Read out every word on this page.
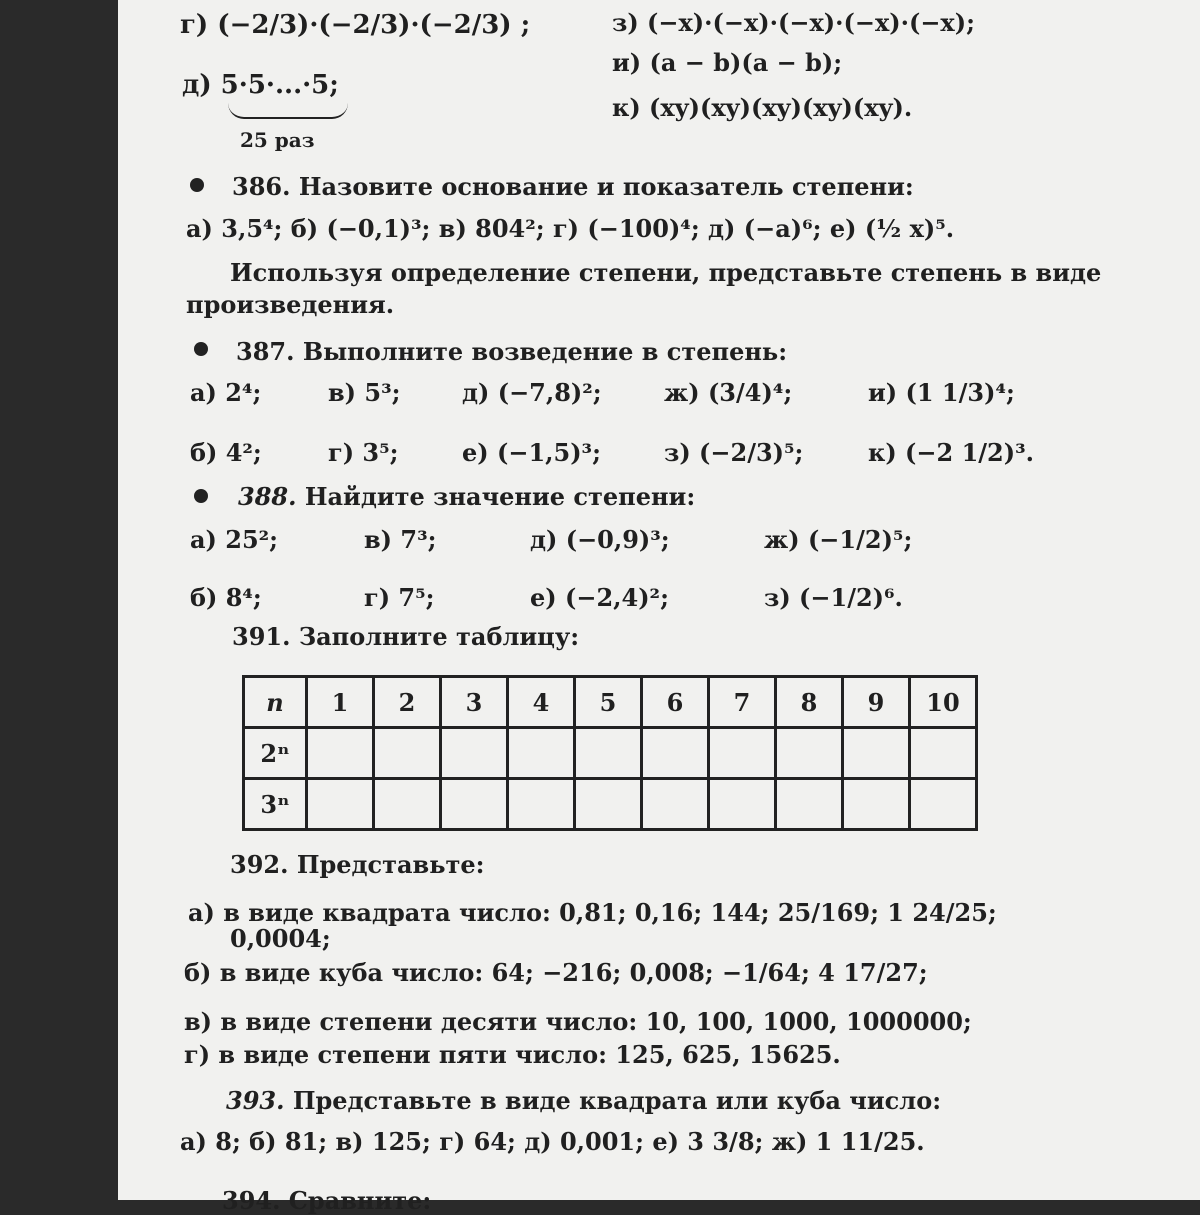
г) (−2/3)·(−2/3)·(−2/3) ;
д) 5·5·...·5;
25 раз
з) (−x)·(−x)·(−x)·(−x)·(−x);
и) (a − b)(a − b);
к) (xy)(xy)(xy)(xy)(xy).
386. Назовите основание и показатель степени:
а) 3,5⁴; б) (−0,1)³; в) 804²; г) (−100)⁴; д) (−a)⁶; е) (½ x)⁵.
Используя определение степени, представьте степень в виде
произведения.
387. Выполните возведение в степень:
а) 2⁴;	в) 5³;	д) (−7,8)²;	ж) (3/4)⁴;	и) (1 1/3)⁴;
б) 4²;	г) 3⁵;	е) (−1,5)³;	з) (−2/3)⁵;	к) (−2 1/2)³.
388. Найдите значение степени:
а) 25²;	в) 7³;	д) (−0,9)³;	ж) (−1/2)⁵;
б) 8⁴;	г) 7⁵;	е) (−2,4)²;	з) (−1/2)⁶.
391. Заполните таблицу:
n	1	2	3	4	5	6	7	8	9	10
2ⁿ										
3ⁿ										
392. Представьте:
а) в виде квадрата число: 0,81; 0,16; 144; 25/169; 1 24/25;
0,0004;
б) в виде куба число: 64; −216; 0,008; −1/64; 4 17/27;
в) в виде степени десяти число: 10, 100, 1000, 1000000;
г) в виде степени пяти число: 125, 625, 15625.
393. Представьте в виде квадрата или куба число:
а) 8; б) 81; в) 125; г) 64; д) 0,001; е) 3 3/8; ж) 1 11/25.
394. Сравните:
